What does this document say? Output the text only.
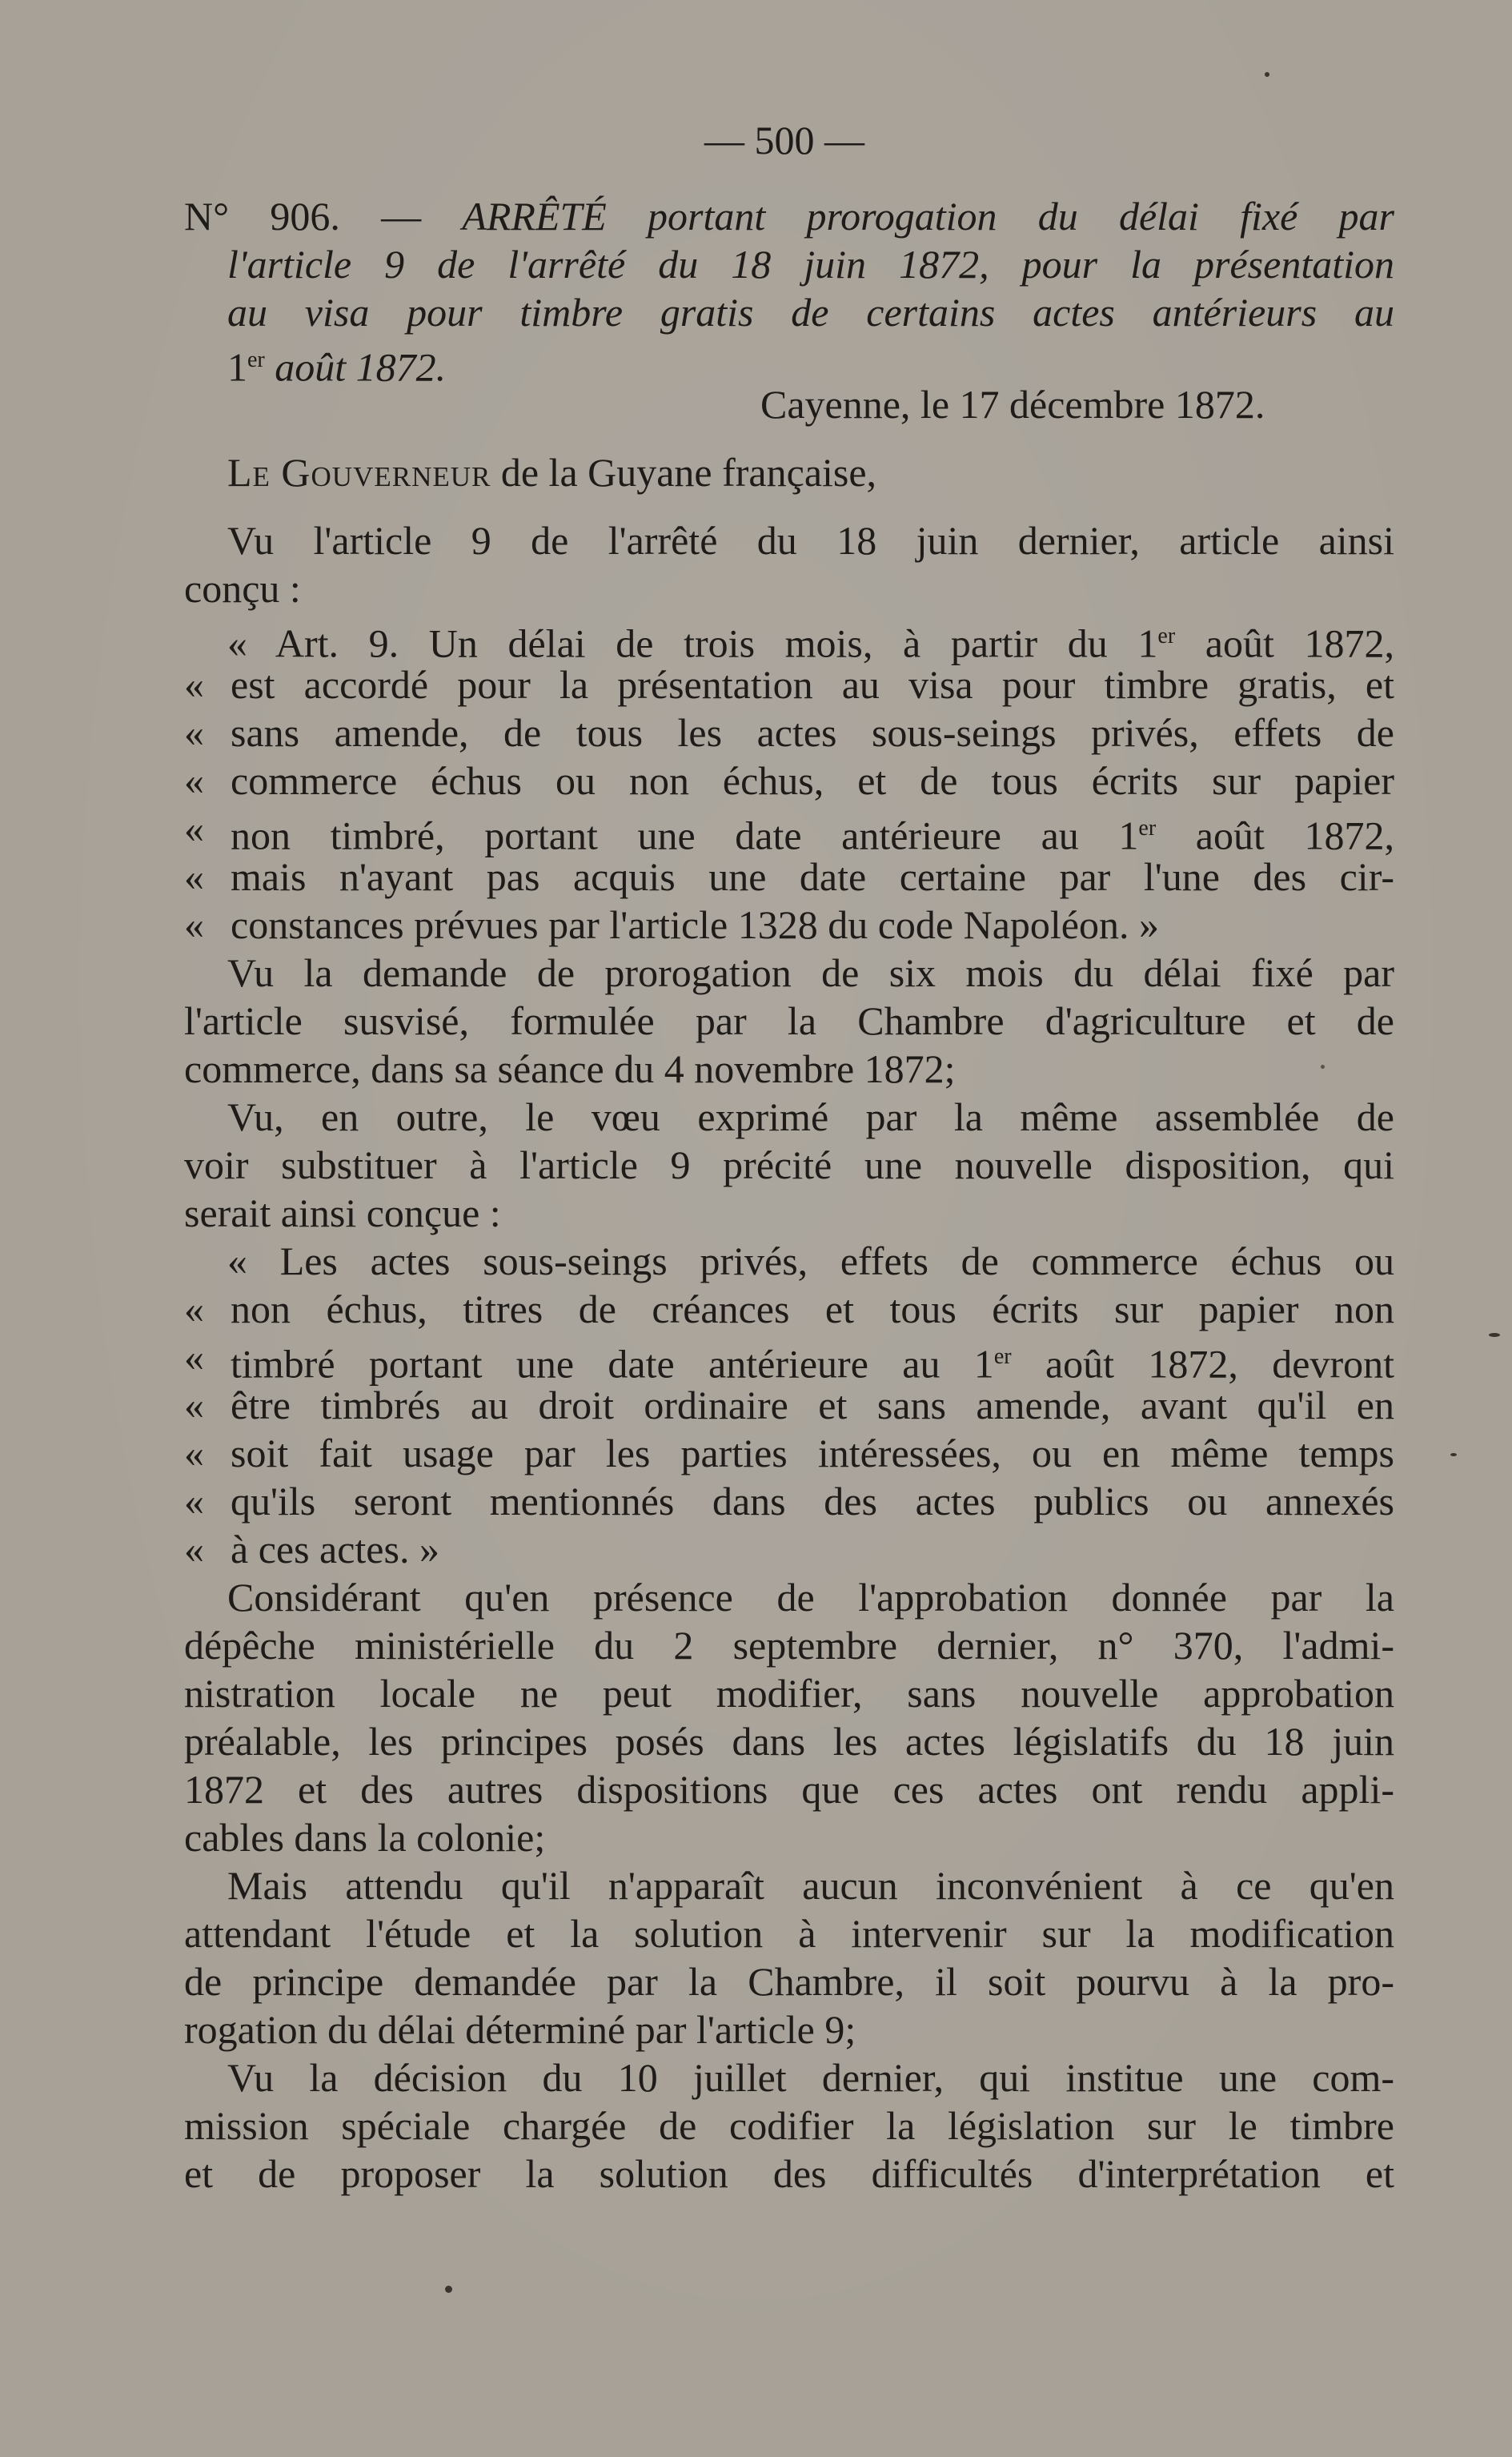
— 500 —
N° 906. — ARRÊTÉ portant prorogation du délai fixé par
l'article 9 de l'arrêté du 18 juin 1872, pour la présentation
au visa pour timbre gratis de certains actes antérieurs au
1er août 1872.
Cayenne, le 17 décembre 1872.
Le Gouverneur de la Guyane française,
Vu l'article 9 de l'arrêté du 18 juin dernier, article ainsi
conçu :
« Art. 9. Un délai de trois mois, à partir du 1er août 1872,
« est accordé pour la présentation au visa pour timbre gratis, et
« sans amende, de tous les actes sous-seings privés, effets de
« commerce échus ou non échus, et de tous écrits sur papier
« non timbré, portant une date antérieure au 1er août 1872,
« mais n'ayant pas acquis une date certaine par l'une des cir-
« constances prévues par l'article 1328 du code Napoléon. »
Vu la demande de prorogation de six mois du délai fixé par
l'article susvisé, formulée par la Chambre d'agriculture et de
commerce, dans sa séance du 4 novembre 1872;
Vu, en outre, le vœu exprimé par la même assemblée de
voir substituer à l'article 9 précité une nouvelle disposition, qui
serait ainsi conçue :
« Les actes sous-seings privés, effets de commerce échus ou
« non échus, titres de créances et tous écrits sur papier non
« timbré portant une date antérieure au 1er août 1872, devront
« être timbrés au droit ordinaire et sans amende, avant qu'il en
« soit fait usage par les parties intéressées, ou en même temps
« qu'ils seront mentionnés dans des actes publics ou annexés
« à ces actes. »
Considérant qu'en présence de l'approbation donnée par la
dépêche ministérielle du 2 septembre dernier, n° 370, l'admi-
nistration locale ne peut modifier, sans nouvelle approbation
préalable, les principes posés dans les actes législatifs du 18 juin
1872 et des autres dispositions que ces actes ont rendu appli-
cables dans la colonie;
Mais attendu qu'il n'apparaît aucun inconvénient à ce qu'en
attendant l'étude et la solution à intervenir sur la modification
de principe demandée par la Chambre, il soit pourvu à la pro-
rogation du délai déterminé par l'article 9;
Vu la décision du 10 juillet dernier, qui institue une com-
mission spéciale chargée de codifier la législation sur le timbre
et de proposer la solution des difficultés d'interprétation et
